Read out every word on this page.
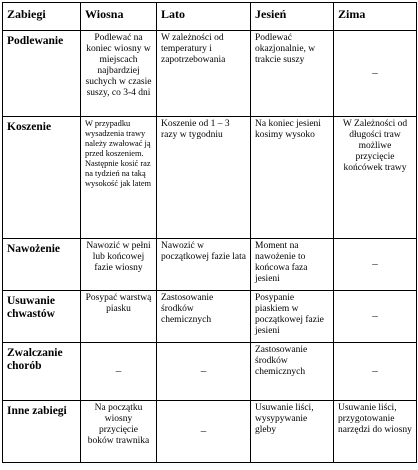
Zabiegi	Wiosna	Lato	Jesień	Zima
Podlewanie	Podlewać na koniec wiosny w miejscach najbardziej suchych w czasie suszy, co 3-4 dni	W zależności od temperatury i zapotrzebowania	Podlewać okazjonalnie, w trakcie suszy	–
Koszenie	W przypadku wysadzenia trawy należy zwałować ją przed koszeniem. Następnie kosić raz na tydzień na taką wysokość jak latem	Koszenie od 1 – 3 razy w tygodniu	Na koniec jesieni kosimy wysoko	W Zależności od długości traw możliwe przycięcie końcówek trawy
Nawożenie	Nawozić w pełni lub końcowej fazie wiosny	Nawozić w początkowej fazie lata	Moment na nawożenie to końcowa faza jesieni	–
Usuwanie chwastów	Posypać warstwą piasku	Zastosowanie środków chemicznych	Posypanie piaskiem w początkowej fazie jesieni	–
Zwalczanie chorób	–	–	Zastosowanie środków chemicznych	–
Inne zabiegi	Na początku wiosny przycięcie boków trawnika	–	Usuwanie liści, wysypywanie gleby	Usuwanie liści, przygotowanie narzędzi do wiosny
